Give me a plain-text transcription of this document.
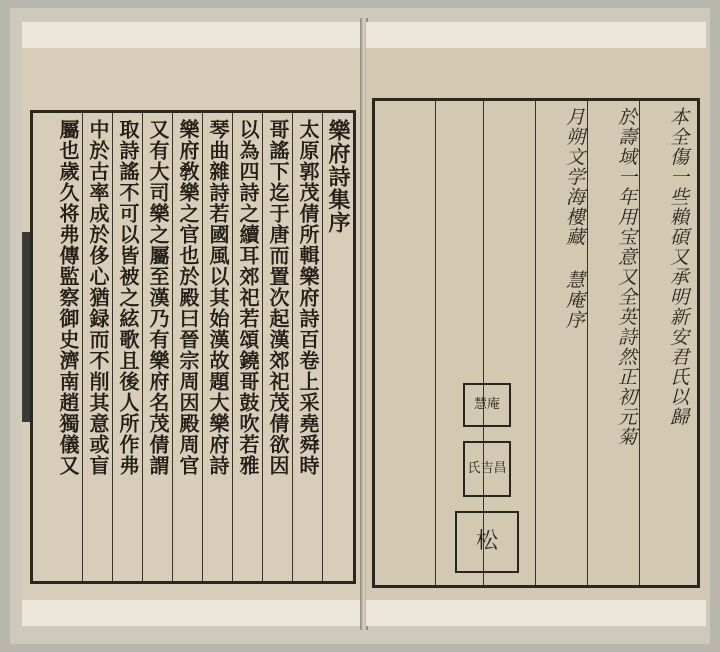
樂府詩集序
太原郭茂倩所輯樂府詩百卷上采堯舜時
哥謠下迄于唐而置次起漢郊祀茂倩欲因
以為四詩之續耳郊祀若頌鐃哥鼓吹若雅
琴曲雜詩若國風以其始漢故題大樂府詩
樂府敎樂之官也於殿曰晉宗周因殿周官
又有大司樂之屬至漢乃有樂府名茂倩謂
取詩謠不可以皆被之絃歌且後人所作弗
中於古率成於侈心猶録而不削其意或盲
屬也歲久将弗傳監察御史濟南趙獨儀又	本全傷一些賴碩又承明新安君氏以歸
於壽域一年用宝意又全英詩然正初元菊
月朔文学海樓藏 慧庵序
慧庵
氏吉昌
松
